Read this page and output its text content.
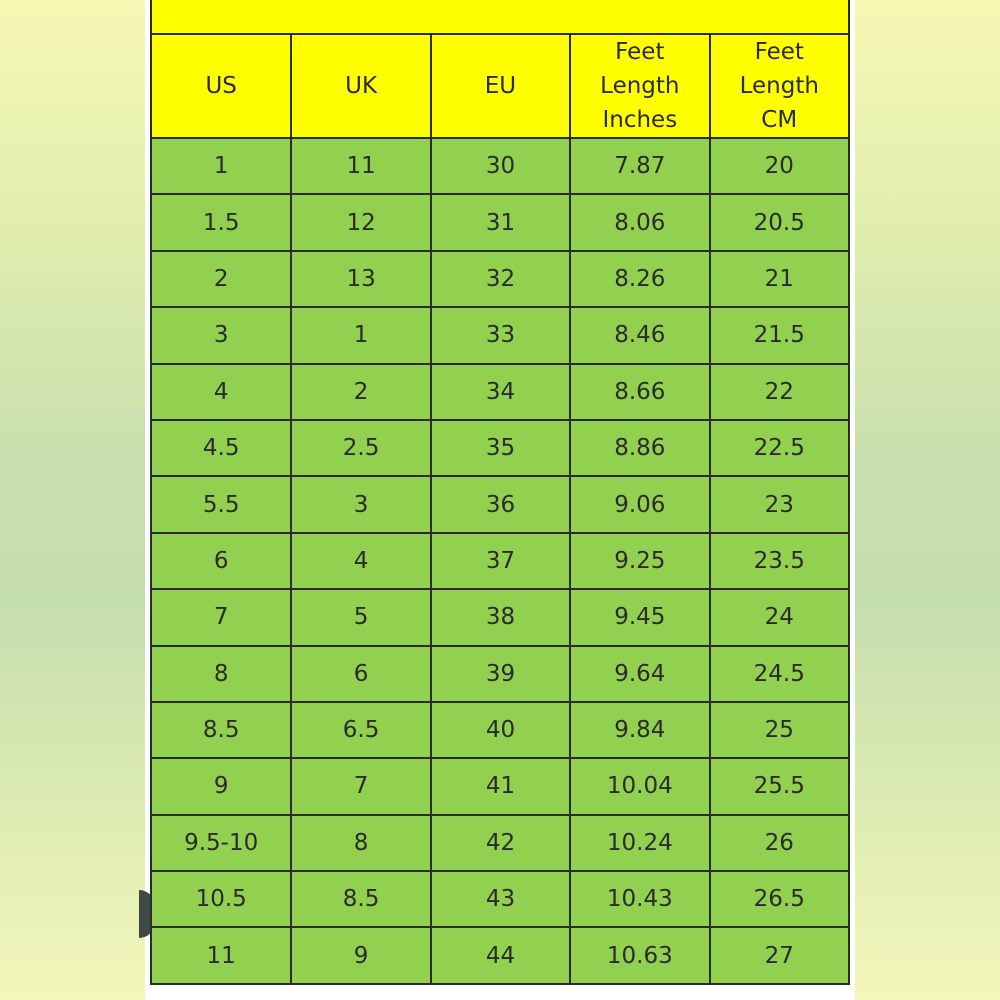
US	UK	EU	Feet
Length
Inches	Feet
Length
CM
1	11	30	7.87	20
1.5	12	31	8.06	20.5
2	13	32	8.26	21
3	1	33	8.46	21.5
4	2	34	8.66	22
4.5	2.5	35	8.86	22.5
5.5	3	36	9.06	23
6	4	37	9.25	23.5
7	5	38	9.45	24
8	6	39	9.64	24.5
8.5	6.5	40	9.84	25
9	7	41	10.04	25.5
9.5-10	8	42	10.24	26
10.5	8.5	43	10.43	26.5
11	9	44	10.63	27
